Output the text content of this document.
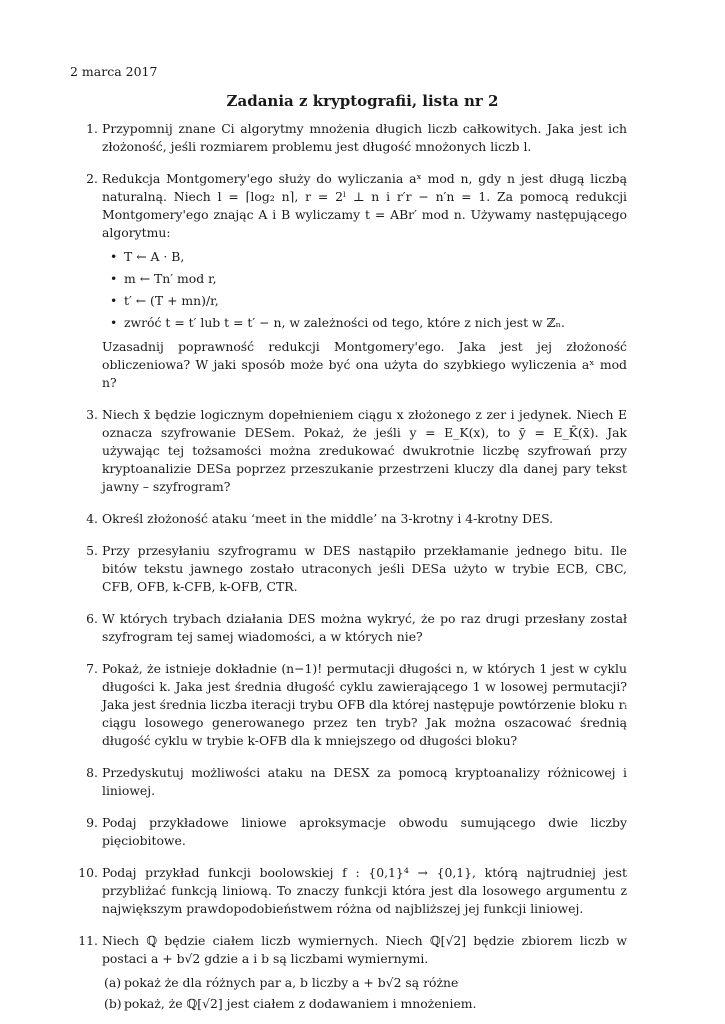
2 marca 2017
Zadania z kryptografii, lista nr 2
1. Przypomnij znane Ci algorytmy mnożenia długich liczb całkowitych. Jaka jest ich złożoność, jeśli rozmiarem problemu jest długość mnożonych liczb l.

2. Redukcja Montgomery'ego służy do wyliczania aˣ mod n, gdy n jest długą liczbą naturalną. Niech l = ⌈log₂ n⌉, r = 2ˡ ⊥ n i r′r − n′n = 1. Za pomocą redukcji Montgomery'ego znając A i B wyliczamy t = ABr′ mod n. Używamy następującego algorytmu:

• T ← A · B,
• m ← Tn′ mod r,
• t′ ← (T + mn)/r,
• zwróć t = t′ lub t = t′ − n, w zależności od tego, które z nich jest w ℤₙ.

Uzasadnij poprawność redukcji Montgomery'ego. Jaka jest jej złożoność obliczeniowa? W jaki sposób może być ona użyta do szybkiego wyliczenia aˣ mod n?

3. Niech x̄ będzie logicznym dopełnieniem ciągu x złożonego z zer i jedynek. Niech E oznacza szyfrowanie DESem. Pokaż, że jeśli y = E_K(x), to ȳ = E_K̄(x̄). Jak używając tej tożsamości można zredukować dwukrotnie liczbę szyfrowań przy kryptoanalizie DESa poprzez przeszukanie przestrzeni kluczy dla danej pary tekst jawny – szyfrogram?

4. Określ złożoność ataku ‘meet in the middle’ na 3-krotny i 4-krotny DES.

5. Przy przesyłaniu szyfrogramu w DES nastąpiło przekłamanie jednego bitu. Ile bitów tekstu jawnego zostało utraconych jeśli DESa użyto w trybie ECB, CBC, CFB, OFB, k-CFB, k-OFB, CTR.

6. W których trybach działania DES można wykryć, że po raz drugi przesłany został szyfrogram tej samej wiadomości, a w których nie?

7. Pokaż, że istnieje dokładnie (n−1)! permutacji długości n, w których 1 jest w cyklu długości k. Jaka jest średnia długość cyklu zawierającego 1 w losowej permutacji? Jaka jest średnia liczba iteracji trybu OFB dla której następuje powtórzenie bloku rᵢ ciągu losowego generowanego przez ten tryb? Jak można oszacować średnią długość cyklu w trybie k-OFB dla k mniejszego od długości bloku?

8. Przedyskutuj możliwości ataku na DESX za pomocą kryptoanalizy różnicowej i liniowej.

9. Podaj przykładowe liniowe aproksymacje obwodu sumującego dwie liczby pięciobitowe.

10. Podaj przykład funkcji boolowskiej f : {0,1}⁴ → {0,1}, którą najtrudniej jest przybliżać funkcją liniową. To znaczy funkcji która jest dla losowego argumentu z największym prawdopodobieństwem różna od najbliższej jej funkcji liniowej.

11. Niech ℚ będzie ciałem liczb wymiernych. Niech ℚ[√2] będzie zbiorem liczb w postaci a + b√2 gdzie a i b są liczbami wymiernymi.

(a) pokaż że dla różnych par a, b liczby a + b√2 są różne
(b) pokaż, że ℚ[√2] jest ciałem z dodawaniem i mnożeniem.
